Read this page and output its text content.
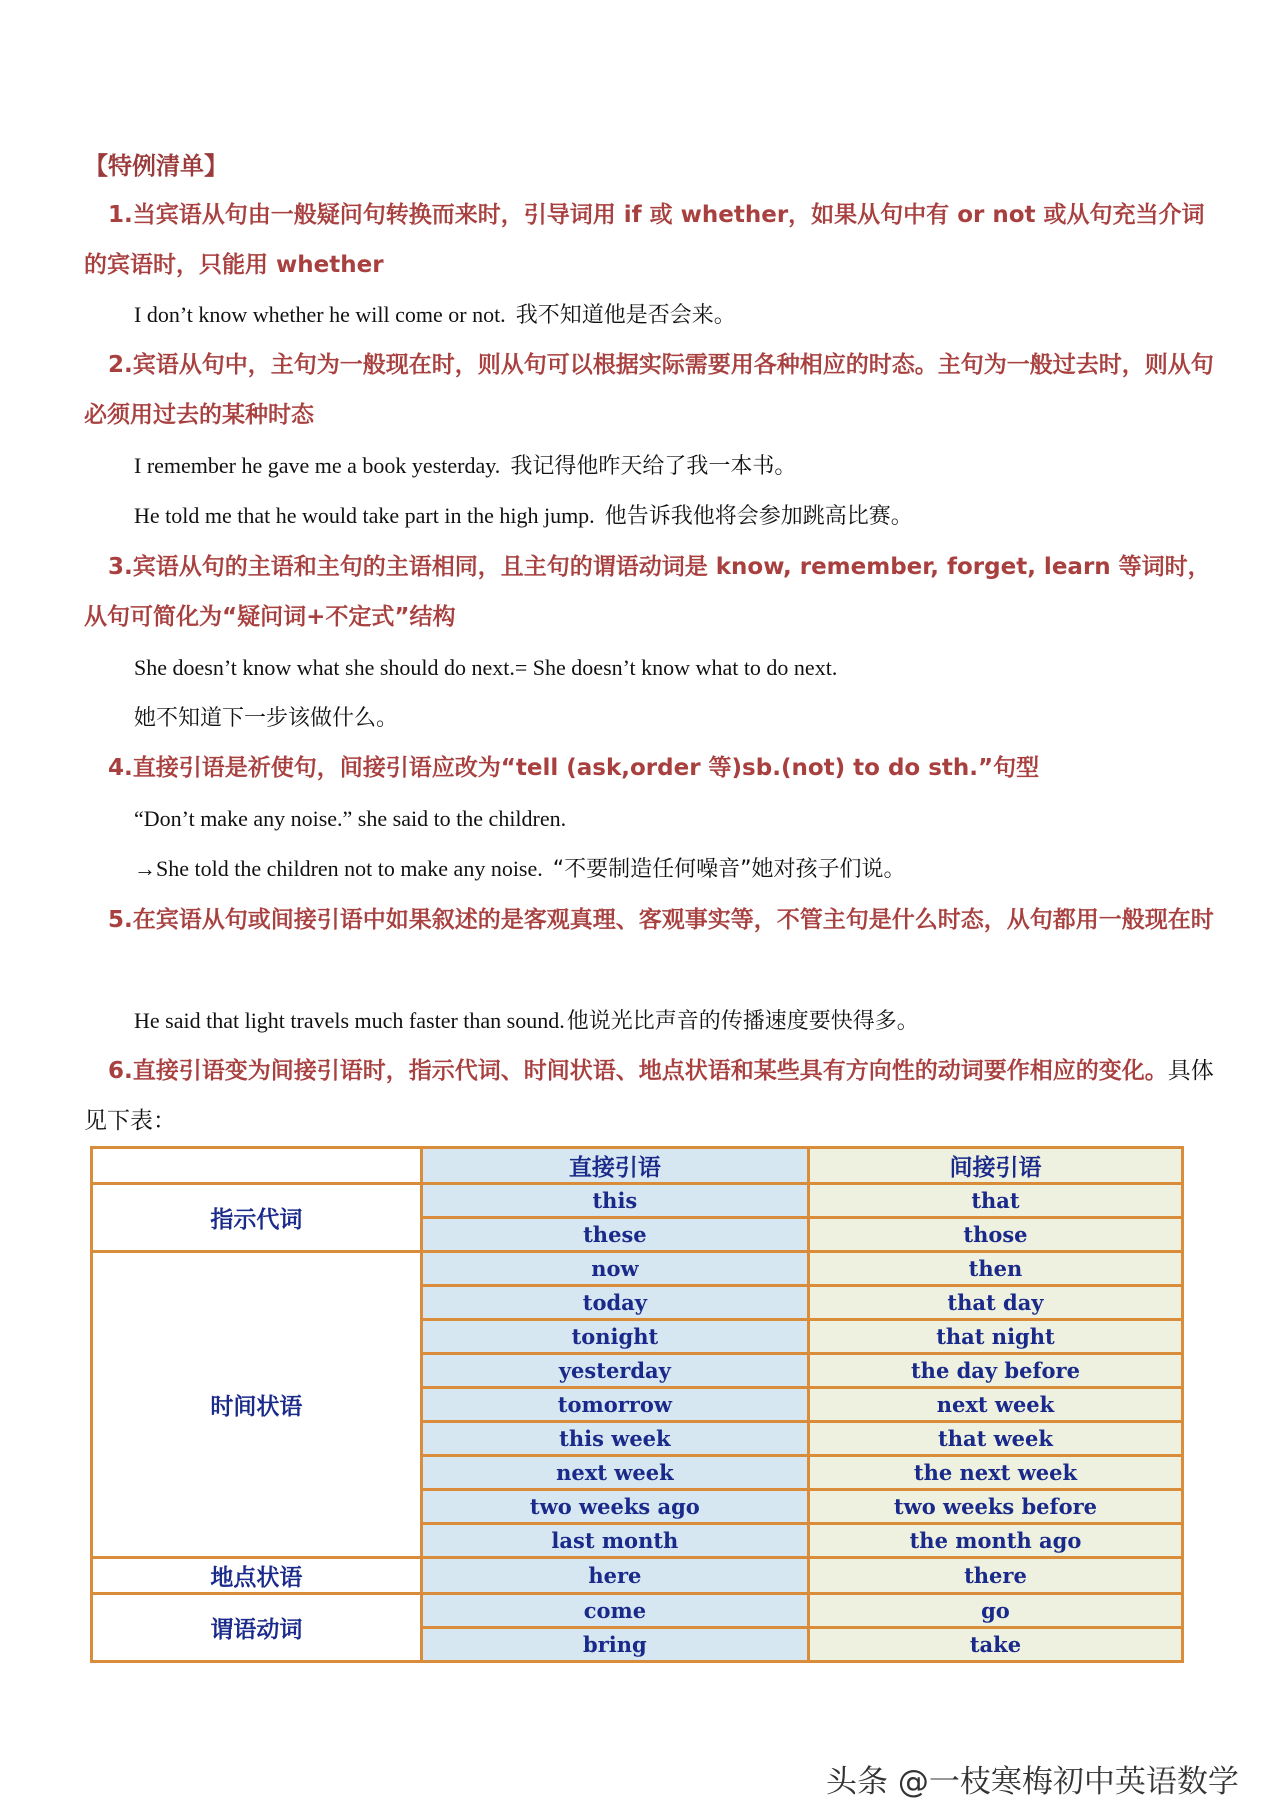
【特例清单】
1.当宾语从句由一般疑问句转换而来时，引导词用 if 或 whether，如果从句中有 or not 或从句充当介词的宾语时，只能用 whether
I don’t know whether he will come or not. 我不知道他是否会来。
2.宾语从句中，主句为一般现在时，则从句可以根据实际需要用各种相应的时态。主句为一般过去时，则从句必须用过去的某种时态
I remember he gave me a book yesterday. 我记得他昨天给了我一本书。
He told me that he would take part in the high jump. 他告诉我他将会参加跳高比赛。
3.宾语从句的主语和主句的主语相同，且主句的谓语动词是 know, remember, forget, learn 等词时，从句可简化为“疑问词+不定式”结构
She doesn’t know what she should do next.= She doesn’t know what to do next.
她不知道下一步该做什么。
4.直接引语是祈使句，间接引语应改为“tell (ask,order 等)sb.(not) to do sth.”句型
“Don’t make any noise.” she said to the children.
→She told the children not to make any noise. “不要制造任何噪音”她对孩子们说。
5.在宾语从句或间接引语中如果叙述的是客观真理、客观事实等，不管主句是什么时态，从句都用一般现在时
He said that light travels much faster than sound.他说光比声音的传播速度要快得多。
6.直接引语变为间接引语时，指示代词、时间状语、地点状语和某些具有方向性的动词要作相应的变化。具体见下表：
	直接引语	间接引语
指示代词	this	that
	these	those
时间状语	now	then
	today	that day
	tonight	that night
	yesterday	the day before
	tomorrow	next week
	this week	that week
	next week	the next week
	two weeks ago	two weeks before
	last month	the month ago
地点状语	here	there
谓语动词	come	go
	bring	take
头条 @一枝寒梅初中英语数学
